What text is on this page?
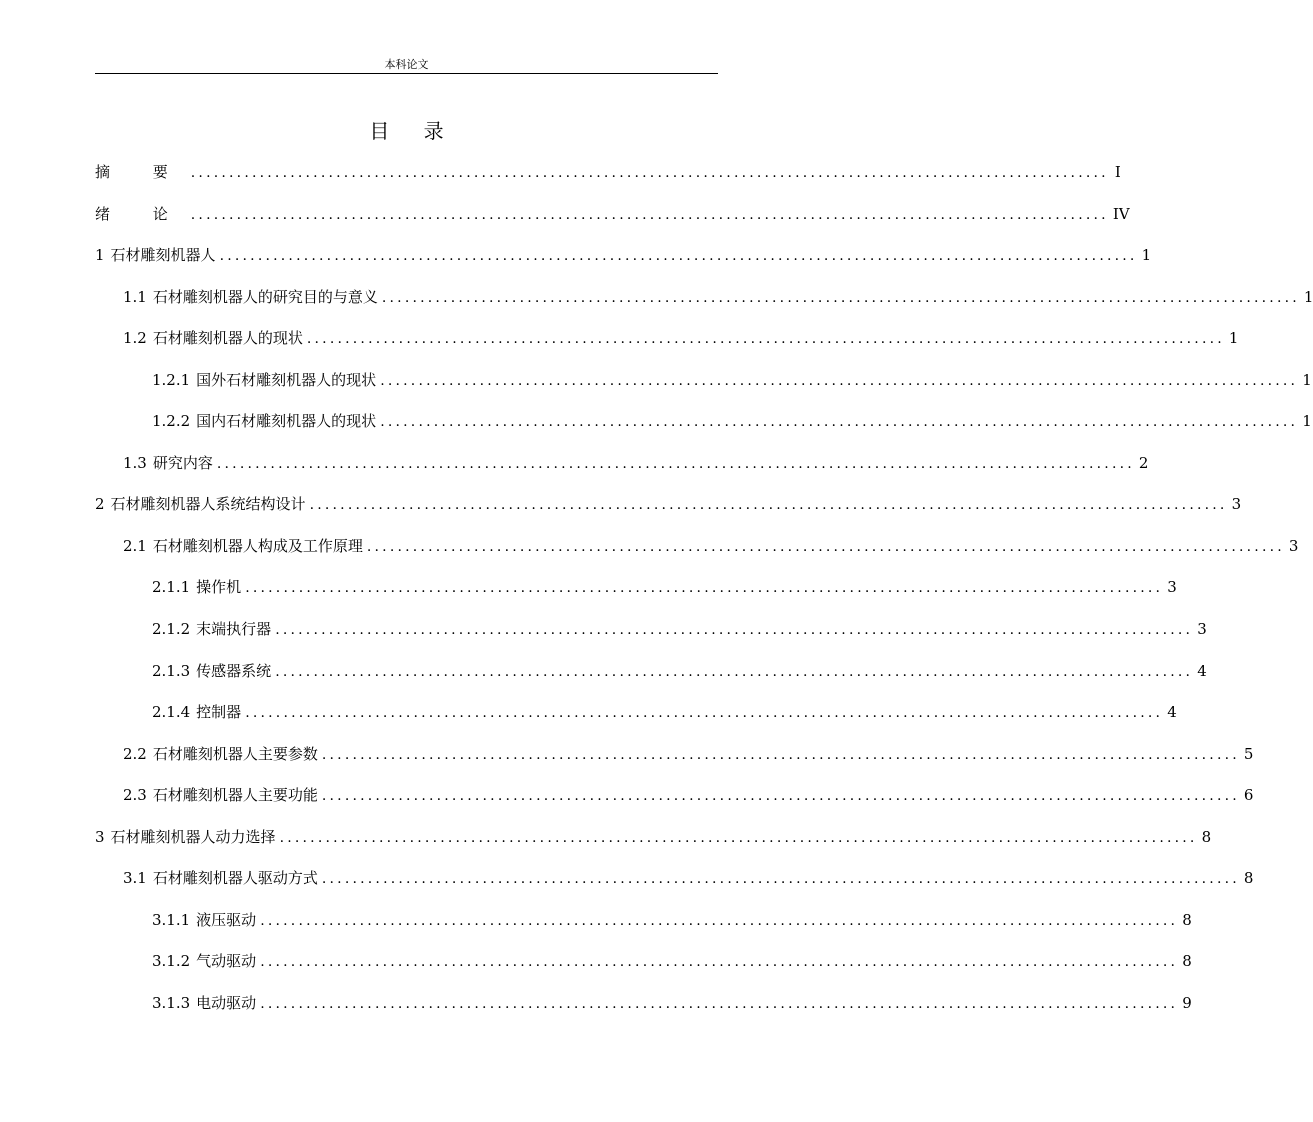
本科论文
目 录
摘 要 ........................................................................................................................ I
绪 论 ........................................................................................................................ IV
1 石材雕刻机器人 ........................................................................................................................ 1
1.1 石材雕刻机器人的研究目的与意义 ........................................................................................................................ 1
1.2 石材雕刻机器人的现状 ........................................................................................................................ 1
1.2.1 国外石材雕刻机器人的现状 ........................................................................................................................ 1
1.2.2 国内石材雕刻机器人的现状 ........................................................................................................................ 1
1.3 研究内容 ........................................................................................................................ 2
2 石材雕刻机器人系统结构设计 ........................................................................................................................ 3
2.1 石材雕刻机器人构成及工作原理 ........................................................................................................................ 3
2.1.1 操作机 ........................................................................................................................ 3
2.1.2 末端执行器 ........................................................................................................................ 3
2.1.3 传感器系统 ........................................................................................................................ 4
2.1.4 控制器 ........................................................................................................................ 4
2.2 石材雕刻机器人主要参数 ........................................................................................................................ 5
2.3 石材雕刻机器人主要功能 ........................................................................................................................ 6
3 石材雕刻机器人动力选择 ........................................................................................................................ 8
3.1 石材雕刻机器人驱动方式 ........................................................................................................................ 8
3.1.1 液压驱动 ........................................................................................................................ 8
3.1.2 气动驱动 ........................................................................................................................ 8
3.1.3 电动驱动 ........................................................................................................................ 9
